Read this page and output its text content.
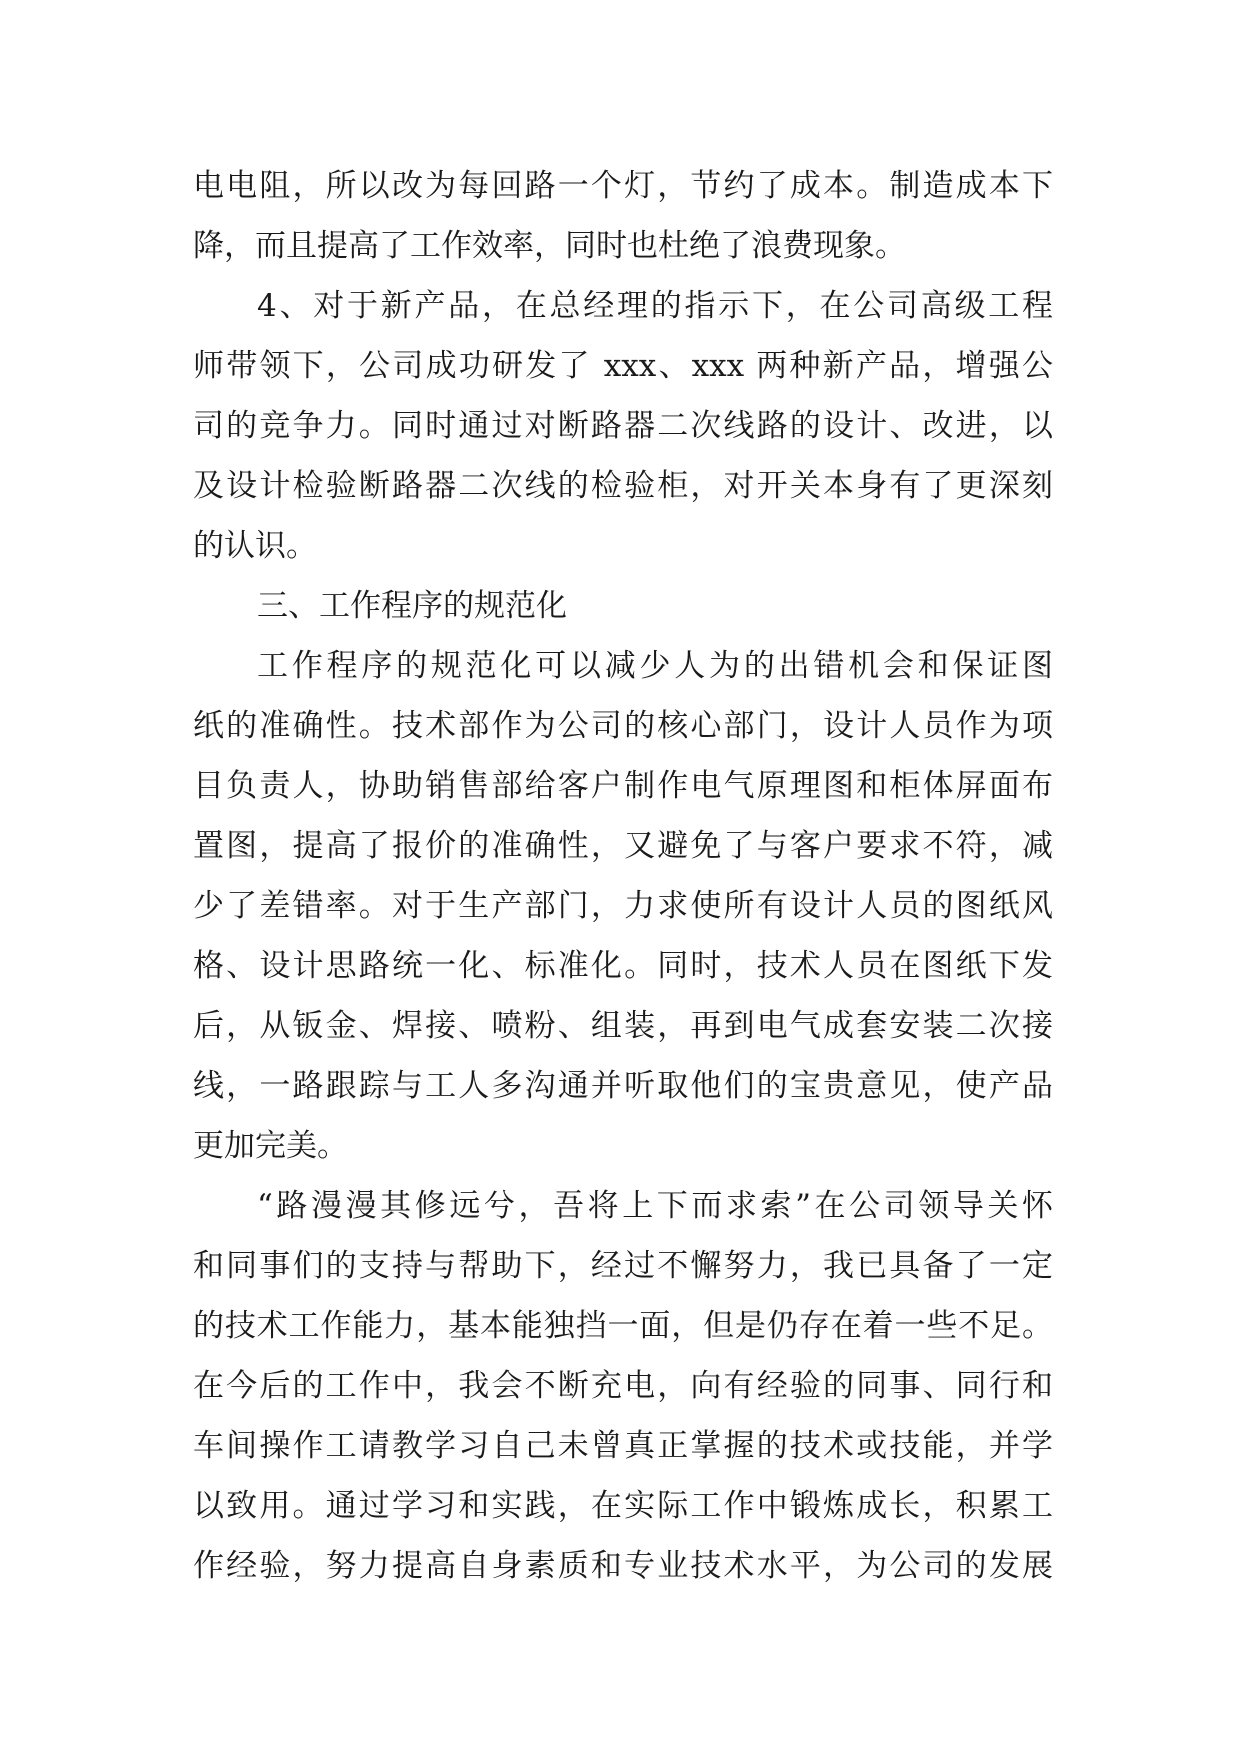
电电阻，所以改为每回路一个灯，节约了成本。制造成本下
降，而且提高了工作效率，同时也杜绝了浪费现象。
4、对于新产品，在总经理的指示下，在公司高级工程
师带领下，公司成功研发了 xxx、xxx 两种新产品，增强公
司的竞争力。同时通过对断路器二次线路的设计、改进，以
及设计检验断路器二次线的检验柜，对开关本身有了更深刻
的认识。
三、工作程序的规范化
工作程序的规范化可以减少人为的出错机会和保证图
纸的准确性。技术部作为公司的核心部门，设计人员作为项
目负责人，协助销售部给客户制作电气原理图和柜体屏面布
置图，提高了报价的准确性，又避免了与客户要求不符，减
少了差错率。对于生产部门，力求使所有设计人员的图纸风
格、设计思路统一化、标准化。同时，技术人员在图纸下发
后，从钣金、焊接、喷粉、组装，再到电气成套安装二次接
线，一路跟踪与工人多沟通并听取他们的宝贵意见，使产品
更加完美。
“路漫漫其修远兮，吾将上下而求索”在公司领导关怀
和同事们的支持与帮助下，经过不懈努力，我已具备了一定
的技术工作能力，基本能独挡一面，但是仍存在着一些不足。
在今后的工作中，我会不断充电，向有经验的同事、同行和
车间操作工请教学习自己未曾真正掌握的技术或技能，并学
以致用。通过学习和实践，在实际工作中锻炼成长，积累工
作经验，努力提高自身素质和专业技术水平，为公司的发展
